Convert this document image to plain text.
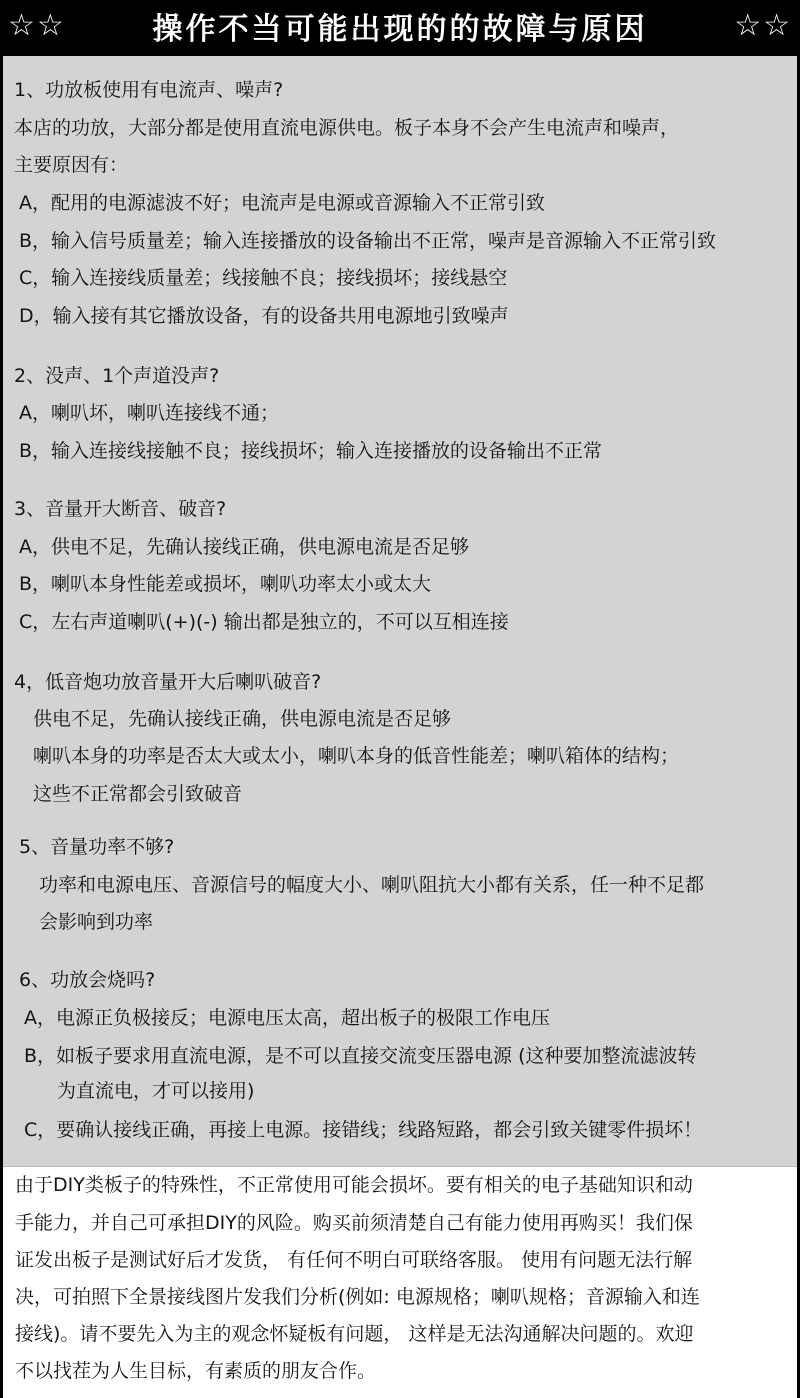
☆☆	操作不当可能出现的的故障与原因	☆☆
1、功放板使用有电流声、噪声?
本店的功放，大部分都是使用直流电源供电。板子本身不会产生电流声和噪声，
主要原因有：
A，配用的电源滤波不好；电流声是电源或音源输入不正常引致
B，输入信号质量差；输入连接播放的设备输出不正常，噪声是音源输入不正常引致
C，输入连接线质量差；线接触不良；接线损坏；接线悬空
D，输入接有其它播放设备，有的设备共用电源地引致噪声
2、没声、1个声道没声?
A，喇叭坏，喇叭连接线不通；
B，输入连接线接触不良；接线损坏；输入连接播放的设备输出不正常
3、音量开大断音、破音?
A，供电不足，先确认接线正确，供电源电流是否足够
B，喇叭本身性能差或损坏，喇叭功率太小或太大
C，左右声道喇叭(+)(-) 输出都是独立的，不可以互相连接
4，低音炮功放音量开大后喇叭破音?
供电不足，先确认接线正确，供电源电流是否足够
喇叭本身的功率是否太大或太小，喇叭本身的低音性能差；喇叭箱体的结构；
这些不正常都会引致破音
5、音量功率不够?
功率和电源电压、音源信号的幅度大小、喇叭阻抗大小都有关系，任一种不足都
会影响到功率
6、功放会烧吗?
A，电源正负极接反；电源电压太高，超出板子的极限工作电压
B，如板子要求用直流电源，是不可以直接交流变压器电源 (这种要加整流滤波转
为直流电，才可以接用)
C，要确认接线正确，再接上电源。接错线；线路短路，都会引致关键零件损坏！
由于DIY类板子的特殊性，不正常使用可能会损坏。要有相关的电子基础知识和动
手能力，并自己可承担DIY的风险。购买前须清楚自己有能力使用再购买！我们保
证发出板子是测试好后才发货， 有任何不明白可联络客服。 使用有问题无法行解
决，可拍照下全景接线图片发我们分析(例如: 电源规格；喇叭规格；音源输入和连
接线)。请不要先入为主的观念怀疑板有问题， 这样是无法沟通解决问题的。欢迎
不以找茬为人生目标，有素质的朋友合作。
